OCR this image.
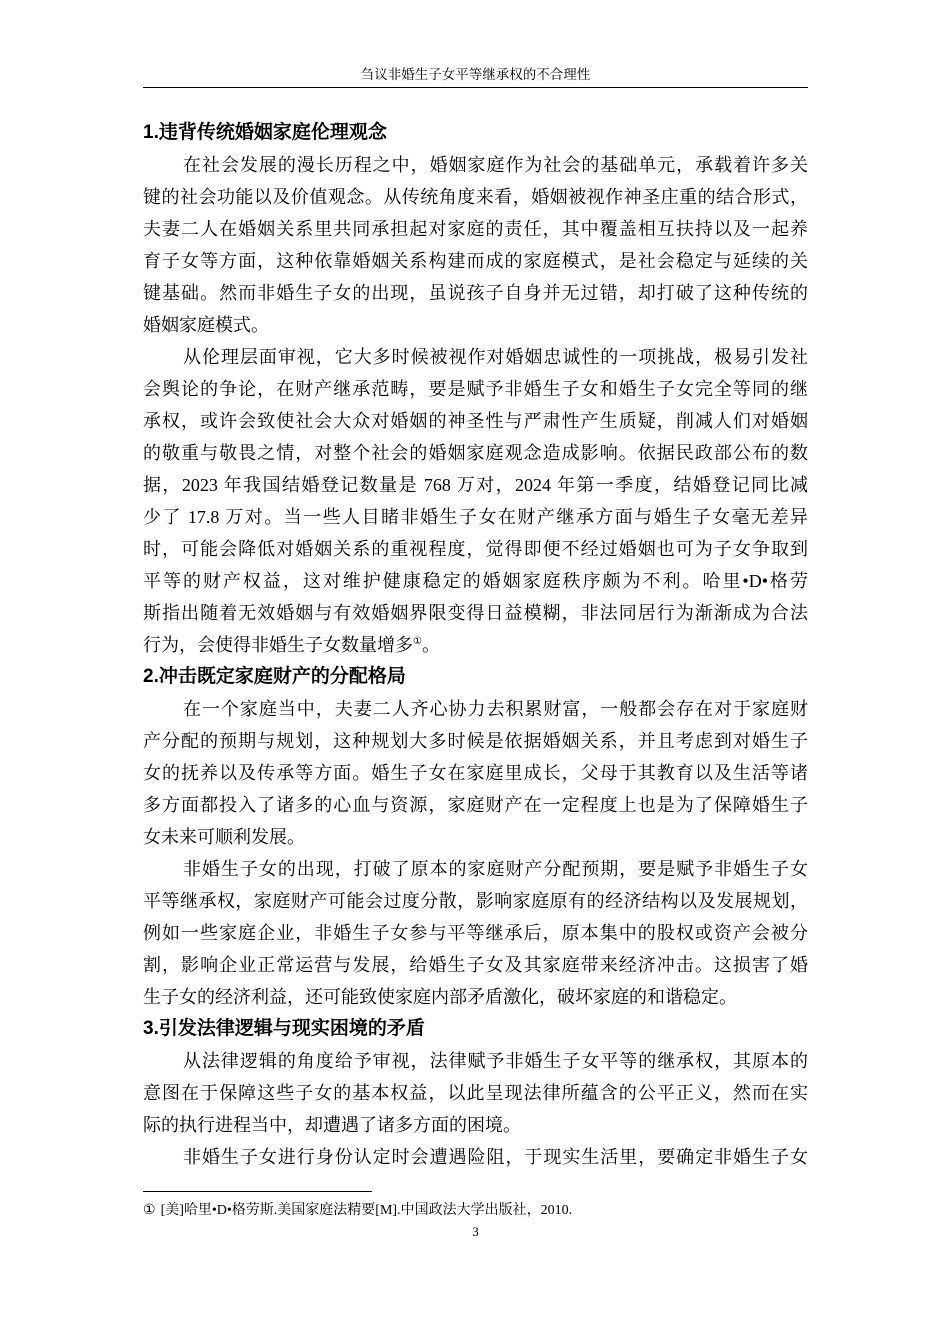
刍议非婚生子女平等继承权的不合理性
1.违背传统婚姻家庭伦理观念
在社会发展的漫长历程之中，婚姻家庭作为社会的基础单元，承载着许多关
键的社会功能以及价值观念。从传统角度来看，婚姻被视作神圣庄重的结合形式，
夫妻二人在婚姻关系里共同承担起对家庭的责任，其中覆盖相互扶持以及一起养
育子女等方面，这种依靠婚姻关系构建而成的家庭模式，是社会稳定与延续的关
键基础。然而非婚生子女的出现，虽说孩子自身并无过错，却打破了这种传统的
婚姻家庭模式。
从伦理层面审视，它大多时候被视作对婚姻忠诚性的一项挑战，极易引发社
会舆论的争论，在财产继承范畴，要是赋予非婚生子女和婚生子女完全等同的继
承权，或许会致使社会大众对婚姻的神圣性与严肃性产生质疑，削减人们对婚姻
的敬重与敬畏之情，对整个社会的婚姻家庭观念造成影响。依据民政部公布的数
据，2023 年我国结婚登记数量是 768 万对，2024 年第一季度，结婚登记同比减
少了 17.8 万对。当一些人目睹非婚生子女在财产继承方面与婚生子女毫无差异
时，可能会降低对婚姻关系的重视程度，觉得即便不经过婚姻也可为子女争取到
平等的财产权益，这对维护健康稳定的婚姻家庭秩序颇为不利。哈里•D•格劳
斯指出随着无效婚姻与有效婚姻界限变得日益模糊，非法同居行为渐渐成为合法
行为，会使得非婚生子女数量增多①。
2.冲击既定家庭财产的分配格局
在一个家庭当中，夫妻二人齐心协力去积累财富，一般都会存在对于家庭财
产分配的预期与规划，这种规划大多时候是依据婚姻关系，并且考虑到对婚生子
女的抚养以及传承等方面。婚生子女在家庭里成长，父母于其教育以及生活等诸
多方面都投入了诸多的心血与资源，家庭财产在一定程度上也是为了保障婚生子
女未来可顺利发展。
非婚生子女的出现，打破了原本的家庭财产分配预期，要是赋予非婚生子女
平等继承权，家庭财产可能会过度分散，影响家庭原有的经济结构以及发展规划，
例如一些家庭企业，非婚生子女参与平等继承后，原本集中的股权或资产会被分
割，影响企业正常运营与发展，给婚生子女及其家庭带来经济冲击。这损害了婚
生子女的经济利益，还可能致使家庭内部矛盾激化，破坏家庭的和谐稳定。
3.引发法律逻辑与现实困境的矛盾
从法律逻辑的角度给予审视，法律赋予非婚生子女平等的继承权，其原本的
意图在于保障这些子女的基本权益，以此呈现法律所蕴含的公平正义，然而在实
际的执行进程当中，却遭遇了诸多方面的困境。
非婚生子女进行身份认定时会遭遇险阻，于现实生活里，要确定非婚生子女
① [美]哈里•D•格劳斯.美国家庭法精要[M].中国政法大学出版社，2010.
3
